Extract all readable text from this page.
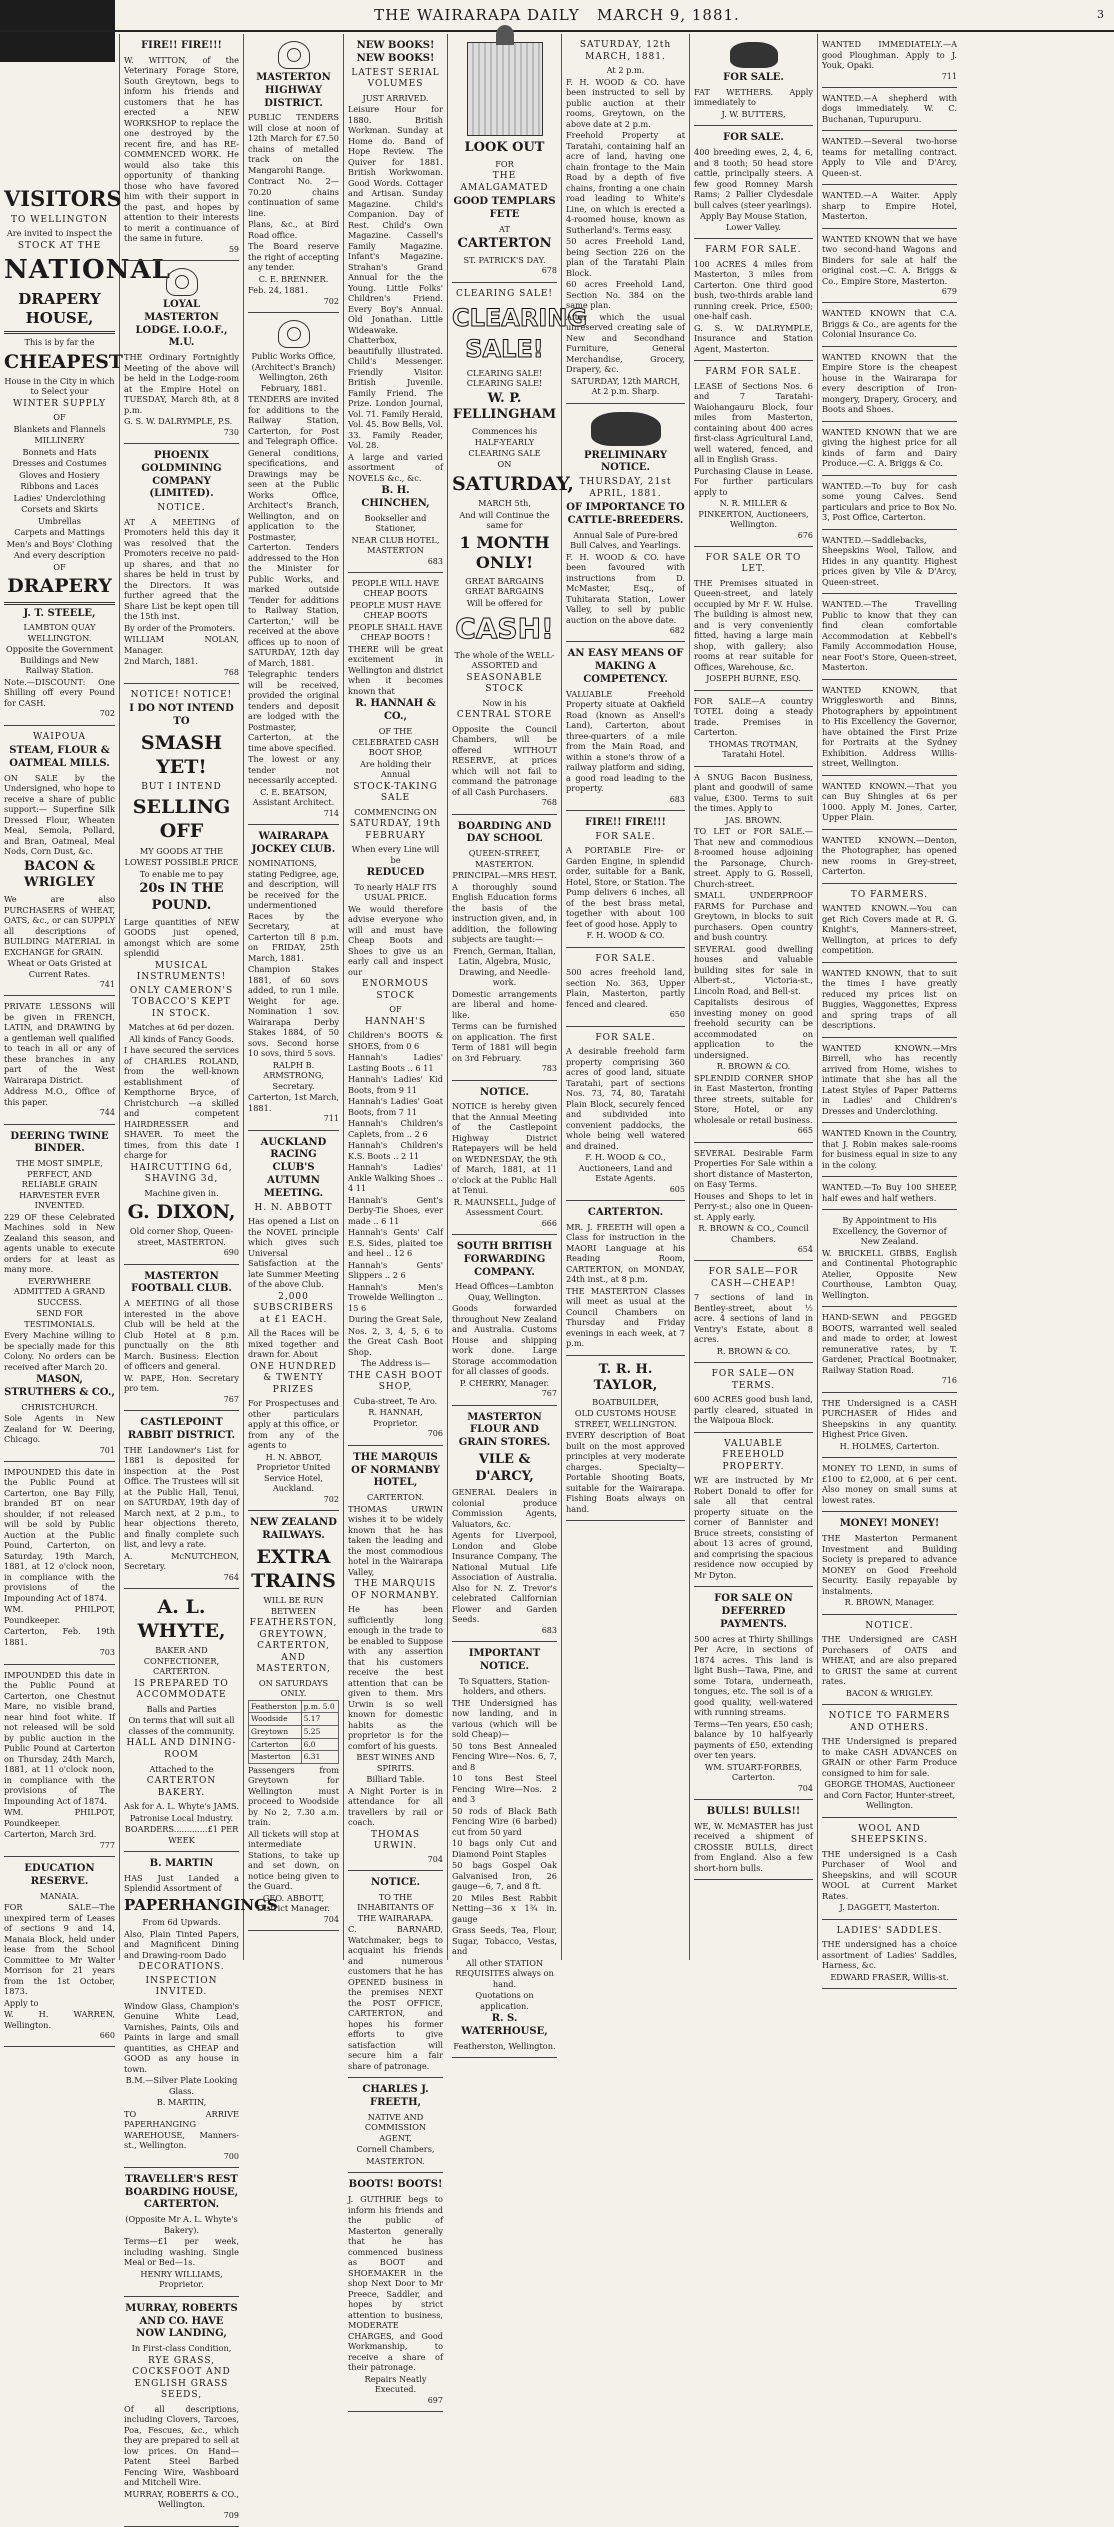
THE WAIRARAPA DAILY MARCH 9, 1881.	3
VISITORS
TO WELLINGTON

Are invited to inspect the

STOCK AT THE
NATIONAL
DRAPERY HOUSE,

This is by far the

CHEAPEST

House in the City in which to Select your

WINTER SUPPLY

OF

Blankets and Flannels

MILLINERY

Bonnets and Hats

Dresses and Costumes

Gloves and Hosiery

Ribbons and Laces

Ladies' Underclothing

Corsets and Skirts

Umbrellas

Carpets and Mattings

Men's and Boys' Clothing

And every description

OF

DRAPERY
J. T. STEELE,

LAMBTON QUAY WELLINGTON.

Opposite the Government Buildings and New Railway Station.

Note.—DISCOUNT: One Shilling off every Pound for CASH.

702
WAIPOUA
STEAM, FLOUR & OATMEAL MILLS.

ON SALE by the Undersigned, who hope to receive a share of public support:— Superfine Silk Dressed Flour, Wheaten Meal, Semola, Pollard, and Bran, Oatmeal, Meal Nods, Corn Dust, &c.

BACON & WRIGLEY

We are also PURCHASERS of WHEAT, OATS, &c., or can SUPPLY all descriptions of BUILDING MATERIAL in EXCHANGE for GRAIN.

Wheat or Oats Gristed at Current Rates.

741

PRIVATE LESSONS will be given in FRENCH, LATIN, and DRAWING by a gentleman well qualified to teach in all or any of these branches in any part of the West Wairarapa District.

Address M.O., Office of this paper.

744
DEERING TWINE BINDER.

THE MOST SIMPLE, PERFECT, AND RELIABLE GRAIN HARVESTER EVER INVENTED.

229 OF these Celebrated Machines sold in New Zealand this season, and agents unable to execute orders for at least as many more.

EVERYWHERE ADMITTED A GRAND SUCCESS.

SEND FOR TESTIMONIALS.

Every Machine willing to be specially made for this Colony. No orders can be received after March 20.

MASON, STRUTHERS & CO.,

CHRISTCHURCH.

Sole Agents in New Zealand for W. Deering, Chicago.

701

IMPOUNDED this date in the Public Pound at Carterton, one Bay Filly, branded BT on near shoulder, if not released will be sold by Public Auction at the Public Pound, Carterton, on Saturday, 19th March, 1881, at 12 o'clock noon, in compliance with the provisions of the Impounding Act of 1874.

WM. PHILPOT, Poundkeeper.

Carterton, Feb. 19th 1881.

703

IMPOUNDED this date in the Public Pound at Carterton, one Chestnut Mare, no visible brand, near hind foot white. If not released will be sold by public auction in the Public Pound at Carterton on Thursday, 24th March, 1881, at 11 o'clock noon, in compliance with the provisions of The Impounding Act of 1874.

WM. PHILPOT, Poundkeeper.

Carterton, March 3rd.

777
EDUCATION RESERVE.

MANAIA.

FOR SALE—The unexpired term of Leases of sections 9 and 14, Manaia Block, held under lease from the School Committee to Mr Walter Morrison for 21 years from the 1st October, 1873.

Apply to

W. H. WARREN, Wellington.

660
FIRE!! FIRE!!!

W. WITTON, of the Veterinary Forage Store, South Greytown, begs to inform his friends and customers that he has erected a NEW WORKSHOP to replace the one destroyed by the recent fire, and has RE-COMMENCED WORK. He would also take this opportunity of thanking those who have favored him with their support in the past, and hopes by attention to their interests to merit a continuance of the same in future.

59
LOYAL MASTERTON LODGE. I.O.O.F., M.U.

THE Ordinary Fortnightly Meeting of the above will be held in the Lodge-room at the Empire Hotel on TUESDAY, March 8th, at 8 p.m.

G. S. W. DALRYMPLE, P.S.

730
PHOENIX GOLDMINING COMPANY (LIMITED).
NOTICE.

AT A MEETING of Promoters held this day it was resolved that the Promoters receive no paid-up shares, and that no shares be held in trust by the Directors. It was further agreed that the Share List be kept open till the 15th inst.

By order of the Promoters.

WILLIAM NOLAN, Manager.

2nd March, 1881.

768
NOTICE! NOTICE!
I DO NOT INTEND TO
SMASH YET!
BUT I INTEND
SELLING OFF

MY GOODS AT THE

LOWEST POSSIBLE PRICE

To enable me to pay

20s IN THE POUND.

Large quantities of NEW GOODS just opened, amongst which are some splendid

MUSICAL INSTRUMENTS!
ONLY CAMERON'S TOBACCO'S KEPT IN STOCK.

Matches at 6d per dozen.

All kinds of Fancy Goods.

I have secured the services of CHARLES ROLAND, from the well-known establishment of Kempthorne Bryce, of Christchurch —a skilled and competent HAIRDRESSER and SHAVER. To meet the times, from this date I charge for

HAIRCUTTING 6d, SHAVING 3d,

Machine given in.

G. DIXON,

Old corner Shop, Queen-street, MASTERTON.

690
MASTERTON FOOTBALL CLUB.

A MEETING of all those interested in the above Club will be held at the Club Hotel at 8 p.m. punctually on the 8th March. Business: Election of officers and general.

W. PAPE, Hon. Secretary pro tem.

767
CASTLEPOINT RABBIT DISTRICT.

THE Landowner's List for 1881 is deposited for inspection at the Post Office. The Trustees will sit at the Public Hall, Tenui, on SATURDAY, 19th day of March next, at 2 p.m., to hear objections thereto, and finally complete such list, and levy a rate.

A. McNUTCHEON, Secretary.

764
A. L. WHYTE,

BAKER AND CONFECTIONER, CARTERTON.

IS PREPARED TO ACCOMMODATE

Balls and Parties

On terms that will suit all classes of the community.

HALL AND DINING-ROOM

Attached to the

CARTERTON BAKERY.

Ask for A. L. Whyte's JAMS.

Patronise Local Industry.

BOARDERS.............£1 PER WEEK

B. MARTIN

HAS Just Landed a Splendid Assortment of

PAPERHANGINGS

From 6d Upwards.

Also, Plain Tinted Papers, and Magnificent Dining and Drawing-room Dado

DECORATIONS.
INSPECTION INVITED.

Window Glass, Champion's Genuine White Lead, Varnishes, Paints, Oils and Paints in large and small quantities, as CHEAP and GOOD as any house in town.

B.M.—Silver Plate Looking Glass.

B. MARTIN,

TO ARRIVE PAPERHANGING WAREHOUSE, Manners-st., Wellington.

700
TRAVELLER'S REST BOARDING HOUSE, CARTERTON.

(Opposite Mr A. L. Whyte's Bakery).

Terms—£1 per week, including washing. Single Meal or Bed—1s.

HENRY WILLIAMS, Proprietor.

MURRAY, ROBERTS AND CO. HAVE NOW LANDING,

In First-class Condition,

RYE GRASS, COCKSFOOT AND ENGLISH GRASS SEEDS,

Of all descriptions, including Clovers, Tarcoes, Poa, Fescues, &c., which they are prepared to sell at low prices. On Hand—Patent Steel Barbed Fencing Wire, Washboard and Mitchell Wire.

MURRAY, ROBERTS & CO., Wellington.

709
MASTERTON HIGHWAY DISTRICT.

PUBLIC TENDERS will close at noon of 12th March for £7.50 chains of metalled track on the Mangarohi Range.

Contract No. 2—70.20 chains continuation of same line.

Plans, &c., at Bird Road office.

The Board reserve the right of accepting any tender.

C. E. BRENNER.

Feb. 24, 1881.

702

Public Works Office, (Architect's Branch) Wellington, 26th February, 1881.

TENDERS are invited for additions to the Railway Station, Carterton, for Post and Telegraph Office.

General conditions, specifications, and Drawings may be seen at the Public Works Office, Architect's Branch, Wellington, and on application to the Postmaster, Carterton. Tenders addressed to the Hon the Minister for Public Works, and marked outside 'Tender for additions to Railway Station, Carterton,' will be received at the above offices up to noon of SATURDAY, 12th day of March, 1881.

Telegraphic tenders will be received, provided the original tenders and deposit are lodged with the Postmaster, Carterton, at the time above specified.

The lowest or any tender not necessarily accepted.

C. E. BEATSON, Assistant Architect.

714
WAIRARAPA JOCKEY CLUB.

NOMINATIONS, stating Pedigree, age, and description, will be received for the undermentioned Races by the Secretary, at Carterton till 8 p.m. on FRIDAY, 25th March, 1881.

Champion Stakes 1881, of 60 sovs added, to run 1 mile. Weight for age. Nomination 1 sov. Wairarapa Derby Stakes 1884, of 50 sovs. Second horse 10 sovs, third 5 sovs.

RALPH B. ARMSTRONG, Secretary.

Carterton, 1st March, 1881.

711
AUCKLAND RACING CLUB'S AUTUMN MEETING.
H. N. ABBOTT

Has opened a List on the NOVEL principle which gives such Universal Satisfaction at the late Summer Meeting of the above Club.

2,000 SUBSCRIBERS at £1 EACH.

All the Races will be mixed together and drawn for. About

ONE HUNDRED & TWENTY PRIZES

For Prospectuses and other particulars apply at this office, or from any of the agents to

H. N. ABBOT, Proprietor United Service Hotel, Auckland.

702
NEW ZEALAND RAILWAYS.
EXTRA TRAINS

WILL BE RUN BETWEEN

FEATHERSTON, GREYTOWN, CARTERTON, AND MASTERTON,

ON SATURDAYS ONLY.

Featherston	p.m. 5.0
Woodside	5.17
Greytown	5.25
Carterton	6.0
Masterton	6.31

Passengers from Greytown for Wellington must proceed to Woodside by No 2, 7.30 a.m. train.

All tickets will stop at intermediate Stations, to take up and set down, on notice being given to the Guard.

GEO. ABBOTT, District Manager.

704
NEW BOOKS! NEW BOOKS!
LATEST SERIAL VOLUMES

JUST ARRIVED.

Leisure Hour for 1880. British Workman. Sunday at Home do. Band of Hope Review. The Quiver for 1881. British Workwoman. Good Words. Cottager and Artisan. Sunday Magazine. Child's Companion. Day of Rest. Child's Own Magazine. Cassell's Family Magazine. Infant's Magazine. Strahan's Grand Annual for the the Young. Little Folks' Children's Friend. Every Boy's Annual. Old Jonathan. Little Wideawake. Chatterbox, beautifully illustrated. Child's Messenger. Friendly Visitor. British Juvenile. Family Friend. The Prize. London Journal, Vol. 71. Family Herald, Vol. 45. Bow Bells, Vol. 33. Family Reader, Vol. 28.

A large and varied assortment of NOVELS &c., &c.

B. H. CHINCHEN,

Bookseller and Stationer,

NEAR CLUB HOTEL, MASTERTON

683

PEOPLE WILL HAVE CHEAP BOOTS

PEOPLE MUST HAVE CHEAP BOOTS

PEOPLE SHALL HAVE CHEAP BOOTS !

THERE will be great excitement in Wellington and district when it becomes known that

R. HANNAH & CO.,

OF THE CELEBRATED CASH BOOT SHOP,

Are holding their Annual

STOCK-TAKING SALE

COMMENCING ON

SATURDAY, 19th FEBRUARY

When every Line will be

REDUCED

To nearly HALF ITS USUAL PRICE.

We would therefore advise everyone who will and must have Cheap Boots and Shoes to give us an early call and inspect our

ENORMOUS STOCK

OF

HANNAH'S

Children's BOOTS & SHOES, from 0 6

Hannah's Ladies' Lasting Boots .. 6 11

Hannah's Ladies' Kid Boots, from 9 11

Hannah's Ladies' Goat Boots, from 7 11

Hannah's Children's Caplets, from .. 2 6

Hannah's Children's K.S. Boots .. 2 11

Hannah's Ladies' Ankle Walking Shoes .. 4 11

Hannah's Gent's Derby-Tie Shoes, ever made .. 6 11

Hannah's Gents' Calf E.S. Sides, plaited toe and heel .. 12 6

Hannah's Gents' Slippers .. 2 6

Hannah's Men's Trowelde Wellington .. 15 6

During the Great Sale,

Nos. 2, 3, 4, 5, 6 to the Great Cash Boot Shop.

The Address is—

THE CASH BOOT SHOP,

Cuba-street, Te Aro.

R. HANNAH, Proprietor.

706
THE MARQUIS OF NORMANBY HOTEL,

CARTERTON.

THOMAS URWIN wishes it to be widely known that he has taken the leading and the most commodious hotel in the Wairarapa Valley,

THE MARQUIS OF NORMANBY.

He has been sufficiently long enough in the trade to be enabled to Suppose with any assertion that his customers receive the best attention that can be given to them. Mrs Urwin is so well known for domestic habits as the proprietor is for the comfort of his guests.

BEST WINES AND SPIRITS.

Billiard Table.

A Night Porter is in attendance for all travellers by rail or coach.

THOMAS URWIN.
704
NOTICE.

TO THE INHABITANTS OF THE WAIRARAPA.

C. BARNARD, Watchmaker, begs to acquaint his friends and numerous customers that he has OPENED business in the premises NEXT the POST OFFICE, CARTERTON, and hopes his former efforts to give satisfaction will secure him a fair share of patronage.

CHARLES J. FREETH,

NATIVE AND COMMISSION AGENT,

Cornell Chambers,

MASTERTON.

BOOTS! BOOTS!

J. GUTHRIE begs to inform his friends and the public of Masterton generally that he has commenced business as BOOT and SHOEMAKER in the shop Next Door to Mr Preece, Saddler, and hopes by strict attention to business, MODERATE CHARGES, and Good Workmanship, to receive a share of their patronage.

Repairs Neatly Executed.

697
LOOK OUT

FOR

THE AMALGAMATED
GOOD TEMPLARS FETE

AT

CARTERTON

ST. PATRICK'S DAY.

678
CLEARING SALE!
CLEARING SALE!

CLEARING SALE! CLEARING SALE!

W. P. FELLINGHAM

Commences his

HALF-YEARLY CLEARING SALE

ON

SATURDAY,

MARCH 5th,

And will Continue the same for

1 MONTH ONLY!

GREAT BARGAINS GREAT BARGAINS

Will be offered for

CASH!

The whole of the WELL-ASSORTED and

SEASONABLE STOCK

Now in his

CENTRAL STORE

Opposite the Council Chambers, will be offered WITHOUT RESERVE, at prices which will not fail to command the patronage of all Cash Purchasers.

768
BOARDING AND DAY SCHOOL

QUEEN-STREET, MASTERTON.

PRINCIPAL—MRS HEST.

A thoroughly sound English Education forms the basis of the instruction given, and, in addition, the following subjects are taught:—

French, German, Italian, Latin, Algebra, Music, Drawing, and Needle-work.

Domestic arrangements are liberal and home-like.

Terms can be furnished on application. The first Term of 1881 will begin on 3rd February.

783
NOTICE.

NOTICE is hereby given that the Annual Meeting of the Castlepoint Highway District Ratepayers will be held on WEDNESDAY, the 9th of March, 1881, at 11 o'clock at the Public Hall at Tenui.

R. MAUNSELL, Judge of Assessment Court.

666
SOUTH BRITISH FORWARDING COMPANY.

Head Offices—Lambton Quay, Wellington.

Goods forwarded throughout New Zealand and Australia. Customs House and shipping work done. Large Storage accommodation for all classes of goods.

P. CHERRY, Manager.

767
MASTERTON FLOUR AND GRAIN STORES.
VILE & D'ARCY,

GENERAL Dealers in colonial produce Commission Agents, Valuators, &c.

Agents for Liverpool, London and Globe Insurance Company, The National Mutual Life Association of Australia. Also for N. Z. Trevor's celebrated Californian Flower and Garden Seeds.

683
IMPORTANT NOTICE.

To Squatters, Station-holders, and others.

THE Undersigned has now landing, and in various (which will be sold Cheap)—

50 tons Best Annealed Fencing Wire—Nos. 6, 7, and 8

10 tons Best Steel Fencing Wire—Nos. 2 and 3

50 rods of Black Bath Fencing Wire (6 barbed) cut from 50 yard

10 bags only Cut and Diamond Point Staples

50 bags Gospel Oak Galvanised Iron, 26 gauge—6, 7, and 8 ft.

20 Miles Best Rabbit Netting—36 x 1¾ in. gauge

Grass Seeds, Tea, Flour, Sugar, Tobacco, Vestas, and

All other STATION REQUISITES always on hand.

Quotations on application.

R. S. WATERHOUSE,

Featherston, Wellington.

SATURDAY, 12th MARCH, 1881.

At 2 p.m.

F. H. WOOD & CO. have been instructed to sell by public auction at their rooms, Greytown, on the above date at 2 p.m.

Freehold Property at Taratahi, containing half an acre of land, having one chain frontage to the Main Road by a depth of five chains, fronting a one chain road leading to White's Line, on which is erected a 4-roomed house, known as Sutherland's. Terms easy.

50 acres Freehold Land, being Section 226 on the plan of the Taratahi Plain Block.

60 acres Freehold Land, Section No. 384 on the same plan.

After which the usual unreserved creating sale of New and Secondhand Furniture, General Merchandise, Grocery, Drapery, &c.

SATURDAY, 12th MARCH, At 2 p.m. Sharp.

PRELIMINARY NOTICE.
THURSDAY, 21st APRIL, 1881.
OF IMPORTANCE TO CATTLE-BREEDERS.

Annual Sale of Pure-bred Bull Calves, and Yearlings.

F. H. WOOD & CO. have been favoured with instructions from D. McMaster, Esq., of Tuhitarata Station, Lower Valley, to sell by public auction on the above date.

682
AN EASY MEANS OF MAKING A COMPETENCY.

VALUABLE Freehold Property situate at Oakfield Road (known as Ansell's Land), Carterton, about three-quarters of a mile from the Main Road, and within a stone's throw of a railway platform and siding, a good road leading to the property.

683
FIRE!! FIRE!!!
FOR SALE.

A PORTABLE Fire- or Garden Engine, in splendid order, suitable for a Bank, Hotel, Store, or Station. The Pump delivers 6 inches, all of the best brass metal, together with about 100 feet of good hose. Apply to

F. H. WOOD & CO.

FOR SALE.

500 acres freehold land, section No. 363, Upper Plain, Masterton, partly fenced and cleared.

650
FOR SALE.

A desirable freehold farm property comprising 360 acres of good land, situate Taratahi, part of sections Nos. 73, 74, 80, Taratahi Plain Block, securely fenced and subdivided into convenient paddocks, the whole being well watered and drained.

F. H. WOOD & CO., Auctioneers, Land and Estate Agents.

605
CARTERTON.

MR. J. FREETH will open a Class for instruction in the MAORI Language at his Reading Room, CARTERTON, on MONDAY, 24th inst., at 8 p.m.

THE MASTERTON Classes will meet as usual at the Council Chambers on Thursday and Friday evenings in each week, at 7 p.m.

T. R. H. TAYLOR,

BOATBUILDER,

OLD CUSTOMS HOUSE STREET, WELLINGTON.

EVERY description of Boat built on the most approved principles at very moderate charges. Specialty—Portable Shooting Boats, suitable for the Wairarapa. Fishing Boats always on hand.

FOR SALE.

FAT WETHERS. Apply immediately to

J. W. BUTTERS,

FOR SALE.

400 breeding ewes, 2, 4, 6, and 8 tooth; 50 head store cattle, principally steers. A few good Romney Marsh Rams; 2 Pallier Clydesdale bull calves (steer yearlings).

Apply Bay Mouse Station, Lower Valley.

FARM FOR SALE.

100 ACRES 4 miles from Masterton, 3 miles from Carterton. One third good bush, two-thirds arable land running creek. Price, £500; one-half cash.

G. S. W. DALRYMPLE, Insurance and Station Agent, Masterton.

FARM FOR SALE.

LEASE of Sections Nos. 6 and 7 Taratahi-Waiohangauru Block, four miles from Masterton, containing about 400 acres first-class Agricultural Land, well watered, fenced, and all in English Grass.

Purchasing Clause in Lease. For further particulars apply to

N. R. MILLER & PINKERTON, Auctioneers, Wellington.

676
FOR SALE OR TO LET.

THE Premises situated in Queen-street, and lately occupied by Mr F. W. Hulse. The building is almost new, and is very conveniently fitted, having a large main shop, with gallery; also rooms at rear suitable for Offices, Warehouse, &c.

JOSEPH BURNE, ESQ.

FOR SALE—A country TOTEL doing a steady trade. Premises in Carterton.

THOMAS TROTMAN, Taratahi Hotel.

A SNUG Bacon Business, plant and goodwill of same value, £300. Terms to suit the times. Apply to

JAS. BROWN.

TO LET or FOR SALE.—That new and commodious 8-roomed house adjoining the Parsonage, Church-street. Apply to G. Rossell, Church-street.

SMALL UNDERPROOF FARMS for Purchase and Greytown, in blocks to suit purchasers. Open country and bush country.

SEVERAL good dwelling houses and valuable building sites for sale in Albert-st., Victoria-st., Lincoln Road, and Bell-st.

Capitalists desirous of investing money on good freehold security can be accommodated on application to the undersigned.

R. BROWN & CO.

SPLENDID CORNER SHOP in East Masterton, fronting three streets, suitable for Store, Hotel, or any wholesale or retail business.

665

SEVERAL Desirable Farm Properties For Sale within a short distance of Masterton, on Easy Terms.

Houses and Shops to let in Perry-st.; also one in Queen-st. Apply early.

R. BROWN & CO., Council Chambers.

654
FOR SALE—FOR CASH—CHEAP!

7 sections of land in Bentley-street, about ½ acre. 4 sections of land in Ventry's Estate, about 8 acres.

R. BROWN & CO.

FOR SALE—ON TERMS.

600 ACRES good bush land, partly cleared, situated in the Waipoua Block.

VALUABLE FREEHOLD PROPERTY.

WE are instructed by Mr Robert Donald to offer for sale all that central property situate on the corner of Bannister and Bruce streets, consisting of about 13 acres of ground, and comprising the spacious residence now occupied by Mr Dyton.

FOR SALE ON DEFERRED PAYMENTS.

500 acres at Thirty Shillings Per Acre, in sections of 1874 acres. This land is light Bush—Tawa, Pine, and some Totara, underneath, tongues, etc. The soil is of a good quality, well-watered with running streams.

Terms—Ten years, £50 cash; balance by 10 half-yearly payments of £50, extending over ten years.

WM. STUART-FORBES, Carterton.

704
BULLS! BULLS!!

WE, W. McMASTER has just received a shipment of CROSSIE BULLS, direct from England. Also a few short-horn bulls.

WANTED IMMEDIATELY.—A good Ploughman. Apply to J. Youk, Opaki.

711

WANTED.—A shepherd with dogs immediately. W. C. Buchanan, Tupurupuru.

WANTED.—Several two-horse teams for metalling contract. Apply to Vile and D'Arcy, Queen-st.

WANTED.—A Waiter. Apply sharp to Empire Hotel, Masterton.

WANTED KNOWN that we have two second-hand Wagons and Binders for sale at half the original cost.—C. A. Briggs & Co., Empire Store, Masterton.

679

WANTED KNOWN that C.A. Briggs & Co., are agents for the Colonial Insurance Co.

WANTED KNOWN that the Empire Store is the cheapest house in the Wairarapa for every description of Iron-mongery, Drapery, Grocery, and Boots and Shoes.

WANTED KNOWN that we are giving the highest price for all kinds of farm and Dairy Produce.—C. A. Briggs & Co.

WANTED.—To buy for cash some young Calves. Send particulars and price to Box No. 3, Post Office, Carterton.

WANTED.—Saddlebacks, Sheepskins Wool, Tallow, and Hides in any quantity. Highest prices given by Vile & D'Arcy, Queen-street.

WANTED.—The Travelling Public to know that they can find clean comfortable Accommodation at Kebbell's Family Accommodation House, near Foot's Store, Queen-street, Masterton.

WANTED KNOWN, that Wrigglesworth and Binns, Photographers by appointment to His Excellency the Governor, have obtained the First Prize for Portraits at the Sydney Exhibition. Address Willis-street, Wellington.

WANTED KNOWN.—That you can Buy Shingles at 6s per 1000. Apply M. Jones, Carter, Upper Plain.

WANTED KNOWN.—Denton, the Photographer, has opened new rooms in Grey-street, Carterton.

TO FARMERS.

WANTED KNOWN.—You can get Rich Covers made at R. G. Knight's, Manners-street, Wellington, at prices to defy competition.

WANTED KNOWN, that to suit the times I have greatly reduced my prices list on Buggies, Waggonettes, Express and spring traps of all descriptions.

WANTED KNOWN.—Mrs Birrell, who has recently arrived from Home, wishes to intimate that she has all the Latest Styles of Paper Patterns in Ladies' and Children's Dresses and Underclothing.

WANTED Known in the Country, that J. Robin makes sale-rooms for business equal in size to any in the colony.

WANTED.—To Buy 100 SHEEP, half ewes and half wethers.

By Appointment to His Excellency, the Governor of New Zealand.

W. BRICKELL GIBBS, English and Continental Photographic Atelier, Opposite New Courthouse, Lambton Quay, Wellington.

HAND-SEWN and PEGGED BOOTS, warranted well sealed and made to order, at lowest remunerative rates, by T. Gardener, Practical Bootmaker, Railway Station Road.

716

THE Undersigned is a CASH PURCHASER of Hides and Sheepskins in any quantity. Highest Price Given.

H. HOLMES, Carterton.

MONEY TO LEND, in sums of £100 to £2,000, at 6 per cent. Also money on small sums at lowest rates.

MONEY! MONEY!

THE Masterton Permanent Investment and Building Society is prepared to advance MONEY on Good Freehold Security. Easily repayable by instalments.

R. BROWN, Manager.

NOTICE.

THE Undersigned are CASH Purchasers of OATS and WHEAT, and are also prepared to GRIST the same at current rates.

BACON & WRIGLEY.

NOTICE TO FARMERS AND OTHERS.

THE Undersigned is prepared to make CASH ADVANCES on GRAIN or other Farm Produce consigned to him for sale.

GEORGE THOMAS, Auctioneer and Corn Factor, Hunter-street, Wellington.

WOOL AND SHEEPSKINS.

THE undersigned is a Cash Purchaser of Wool and Sheepskins, and will SCOUR WOOL at Current Market Rates.

J. DAGGETT, Masterton.

LADIES' SADDLES.

THE undersigned has a choice assortment of Ladies' Saddles, Harness, &c.

EDWARD FRASER, Willis-st.
